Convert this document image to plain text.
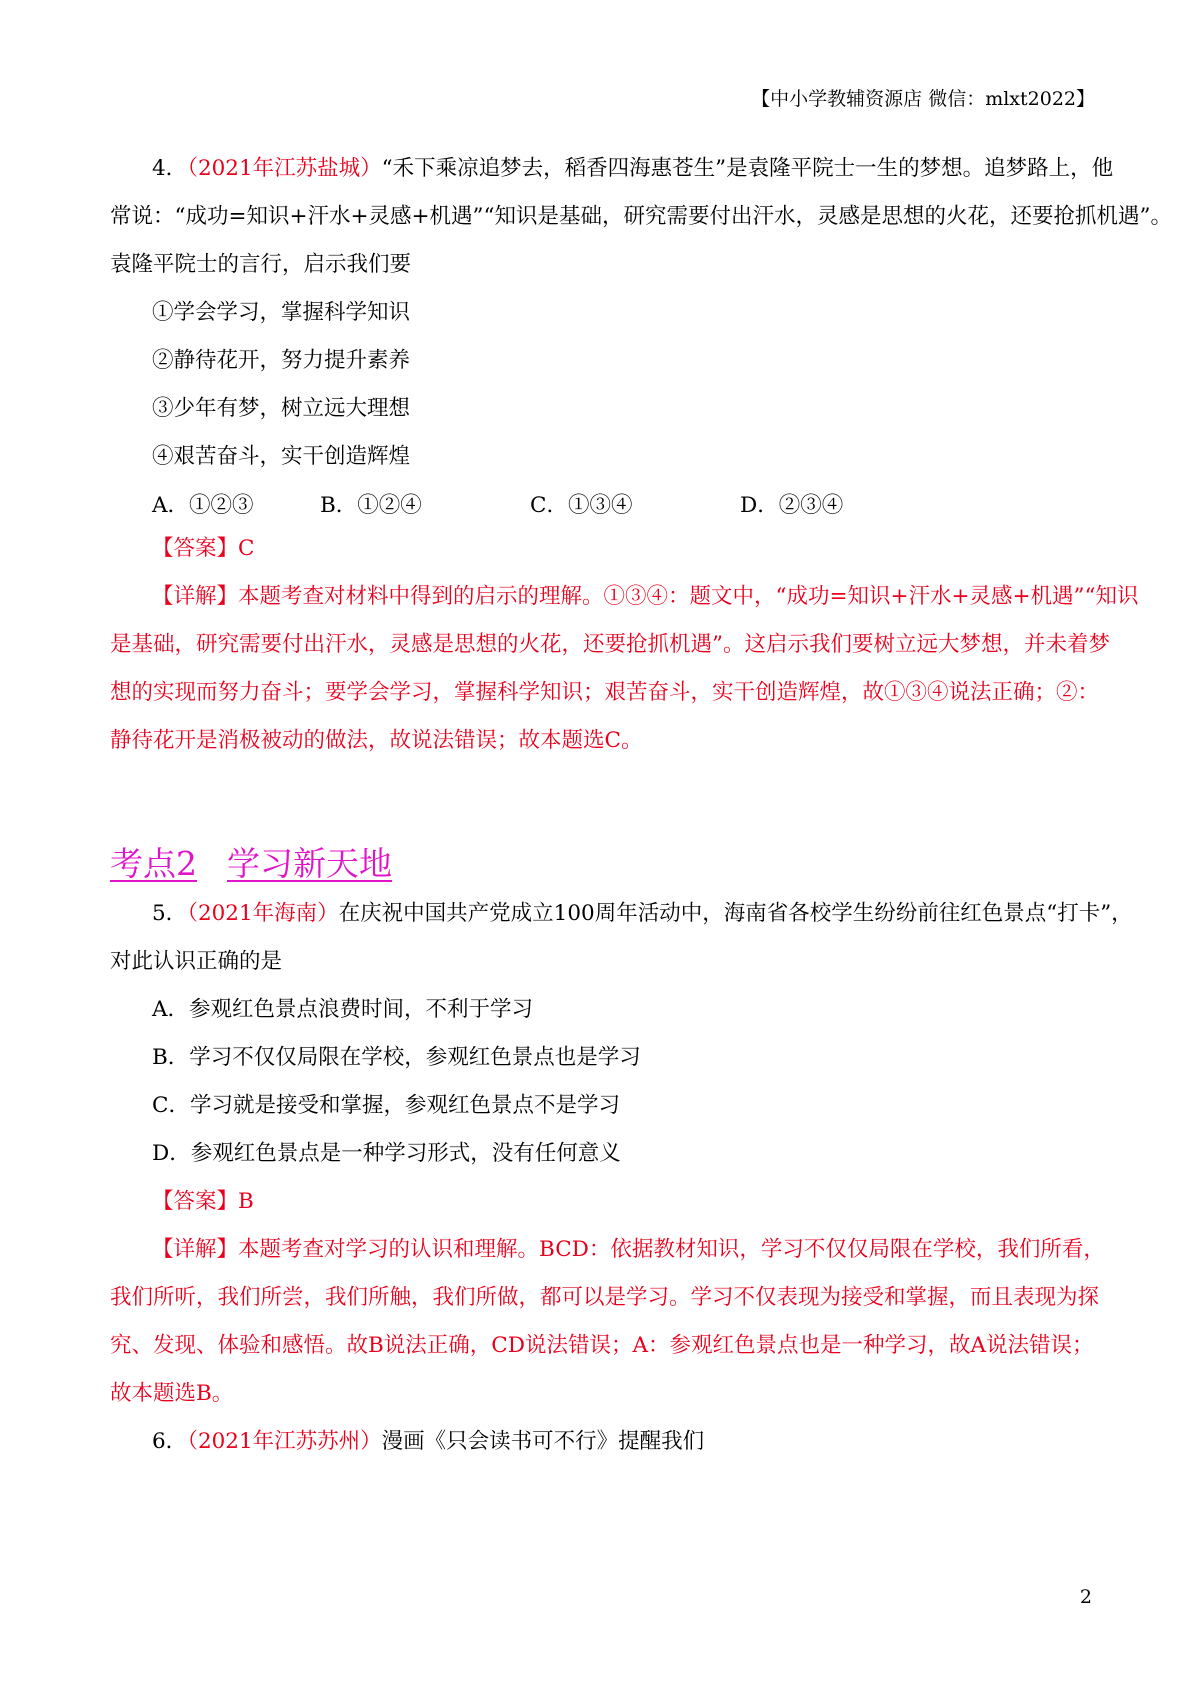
【中小学教辅资源店 微信：mlxt2022】
4．（2021年江苏盐城）“禾下乘凉追梦去，稻香四海惠苍生”是袁隆平院士一生的梦想。追梦路上，他
常说：“成功=知识+汗水+灵感+机遇”“知识是基础，研究需要付出汗水，灵感是思想的火花，还要抢抓机遇”。
袁隆平院士的言行，启示我们要
①学会学习，掌握科学知识
②静待花开，努力提升素养
③少年有梦，树立远大理想
④艰苦奋斗，实干创造辉煌
A．①②③	B．①②④	C．①③④	D．②③④
【答案】C
【详解】本题考查对材料中得到的启示的理解。①③④：题文中，“成功=知识+汗水+灵感+机遇”“知识
是基础，研究需要付出汗水，灵感是思想的火花，还要抢抓机遇”。这启示我们要树立远大梦想，并未着梦
想的实现而努力奋斗；要学会学习，掌握科学知识；艰苦奋斗，实干创造辉煌，故①③④说法正确；②：
静待花开是消极被动的做法，故说法错误；故本题选C。
考点2 学习新天地
5．（2021年海南）在庆祝中国共产党成立100周年活动中，海南省各校学生纷纷前往红色景点“打卡”，
对此认识正确的是
A．参观红色景点浪费时间，不利于学习
B．学习不仅仅局限在学校，参观红色景点也是学习
C．学习就是接受和掌握，参观红色景点不是学习
D．参观红色景点是一种学习形式，没有任何意义
【答案】B
【详解】本题考查对学习的认识和理解。BCD：依据教材知识，学习不仅仅局限在学校，我们所看，
我们所听，我们所尝，我们所触，我们所做，都可以是学习。学习不仅表现为接受和掌握，而且表现为探
究、发现、体验和感悟。故B说法正确，CD说法错误；A：参观红色景点也是一种学习，故A说法错误；
故本题选B。
6．（2021年江苏苏州）漫画《只会读书可不行》提醒我们
2
